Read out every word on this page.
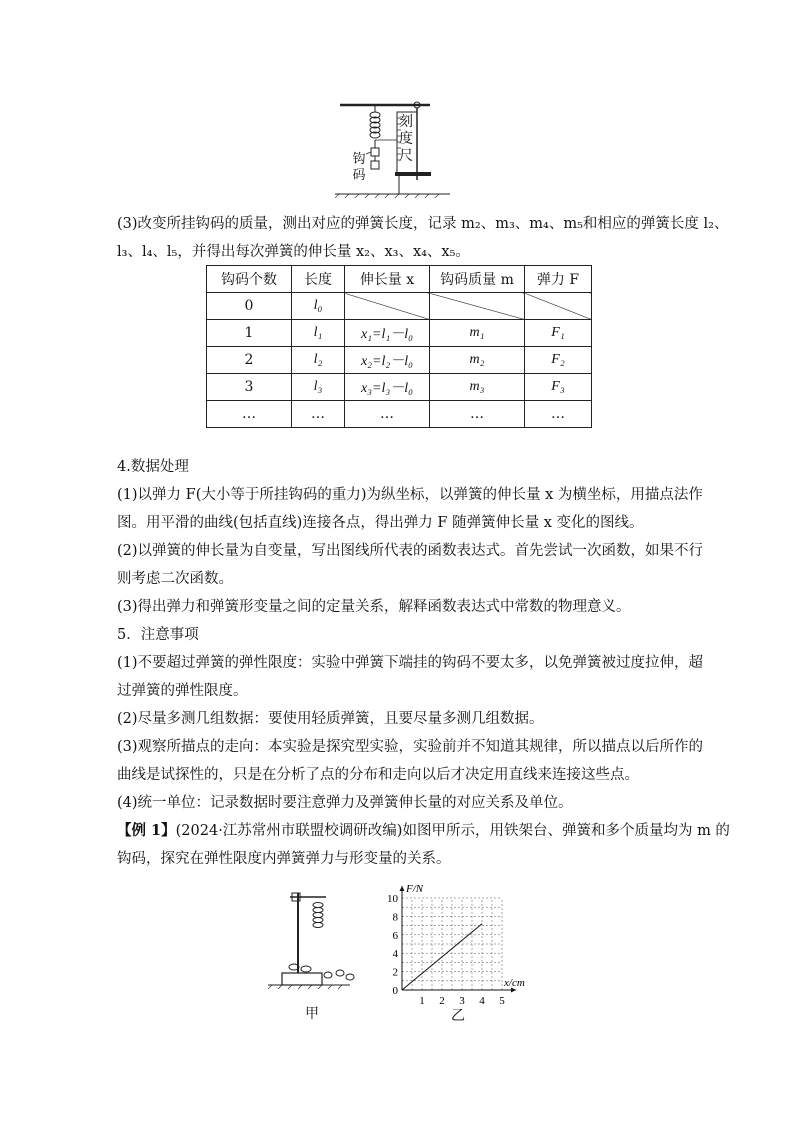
刻
度
尺
钩
码
(3)改变所挂钩码的质量，测出对应的弹簧长度，记录 m₂、m₃、m₄、m₅和相应的弹簧长度 l₂、
l₃、l₄、l₅，并得出每次弹簧的伸长量 x₂、x₃、x₄、x₅。
钩码个数	长度	伸长量 x	钩码质量 m	弹力 F
0	l₀			
1	l₁	x₁=l₁－l₀	m₁	F₁
2	l₂	x₂=l₂－l₀	m₂	F₂
3	l₃	x₃=l₃－l₀	m₃	F₃
…	…	…	…	…
4.数据处理
(1)以弹力 F(大小等于所挂钩码的重力)为纵坐标，以弹簧的伸长量 x 为横坐标，用描点法作
图。用平滑的曲线(包括直线)连接各点，得出弹力 F 随弹簧伸长量 x 变化的图线。
(2)以弹簧的伸长量为自变量，写出图线所代表的函数表达式。首先尝试一次函数，如果不行
则考虑二次函数。
(3)得出弹力和弹簧形变量之间的定量关系，解释函数表达式中常数的物理意义。
5．注意事项
(1)不要超过弹簧的弹性限度：实验中弹簧下端挂的钩码不要太多，以免弹簧被过度拉伸，超
过弹簧的弹性限度。
(2)尽量多测几组数据：要使用轻质弹簧，且要尽量多测几组数据。
(3)观察所描点的走向：本实验是探究型实验，实验前并不知道其规律，所以描点以后所作的
曲线是试探性的，只是在分析了点的分布和走向以后才决定用直线来连接这些点。
(4)统一单位：记录数据时要注意弹力及弹簧伸长量的对应关系及单位。
【例 1】(2024·江苏常州市联盟校调研改编)如图甲所示，用铁架台、弹簧和多个质量均为 m 的
钩码，探究在弹性限度内弹簧弹力与形变量的关系。
甲
1 2 3 4 5
0
2
4
6
8
10
F/N
x/cm
乙
